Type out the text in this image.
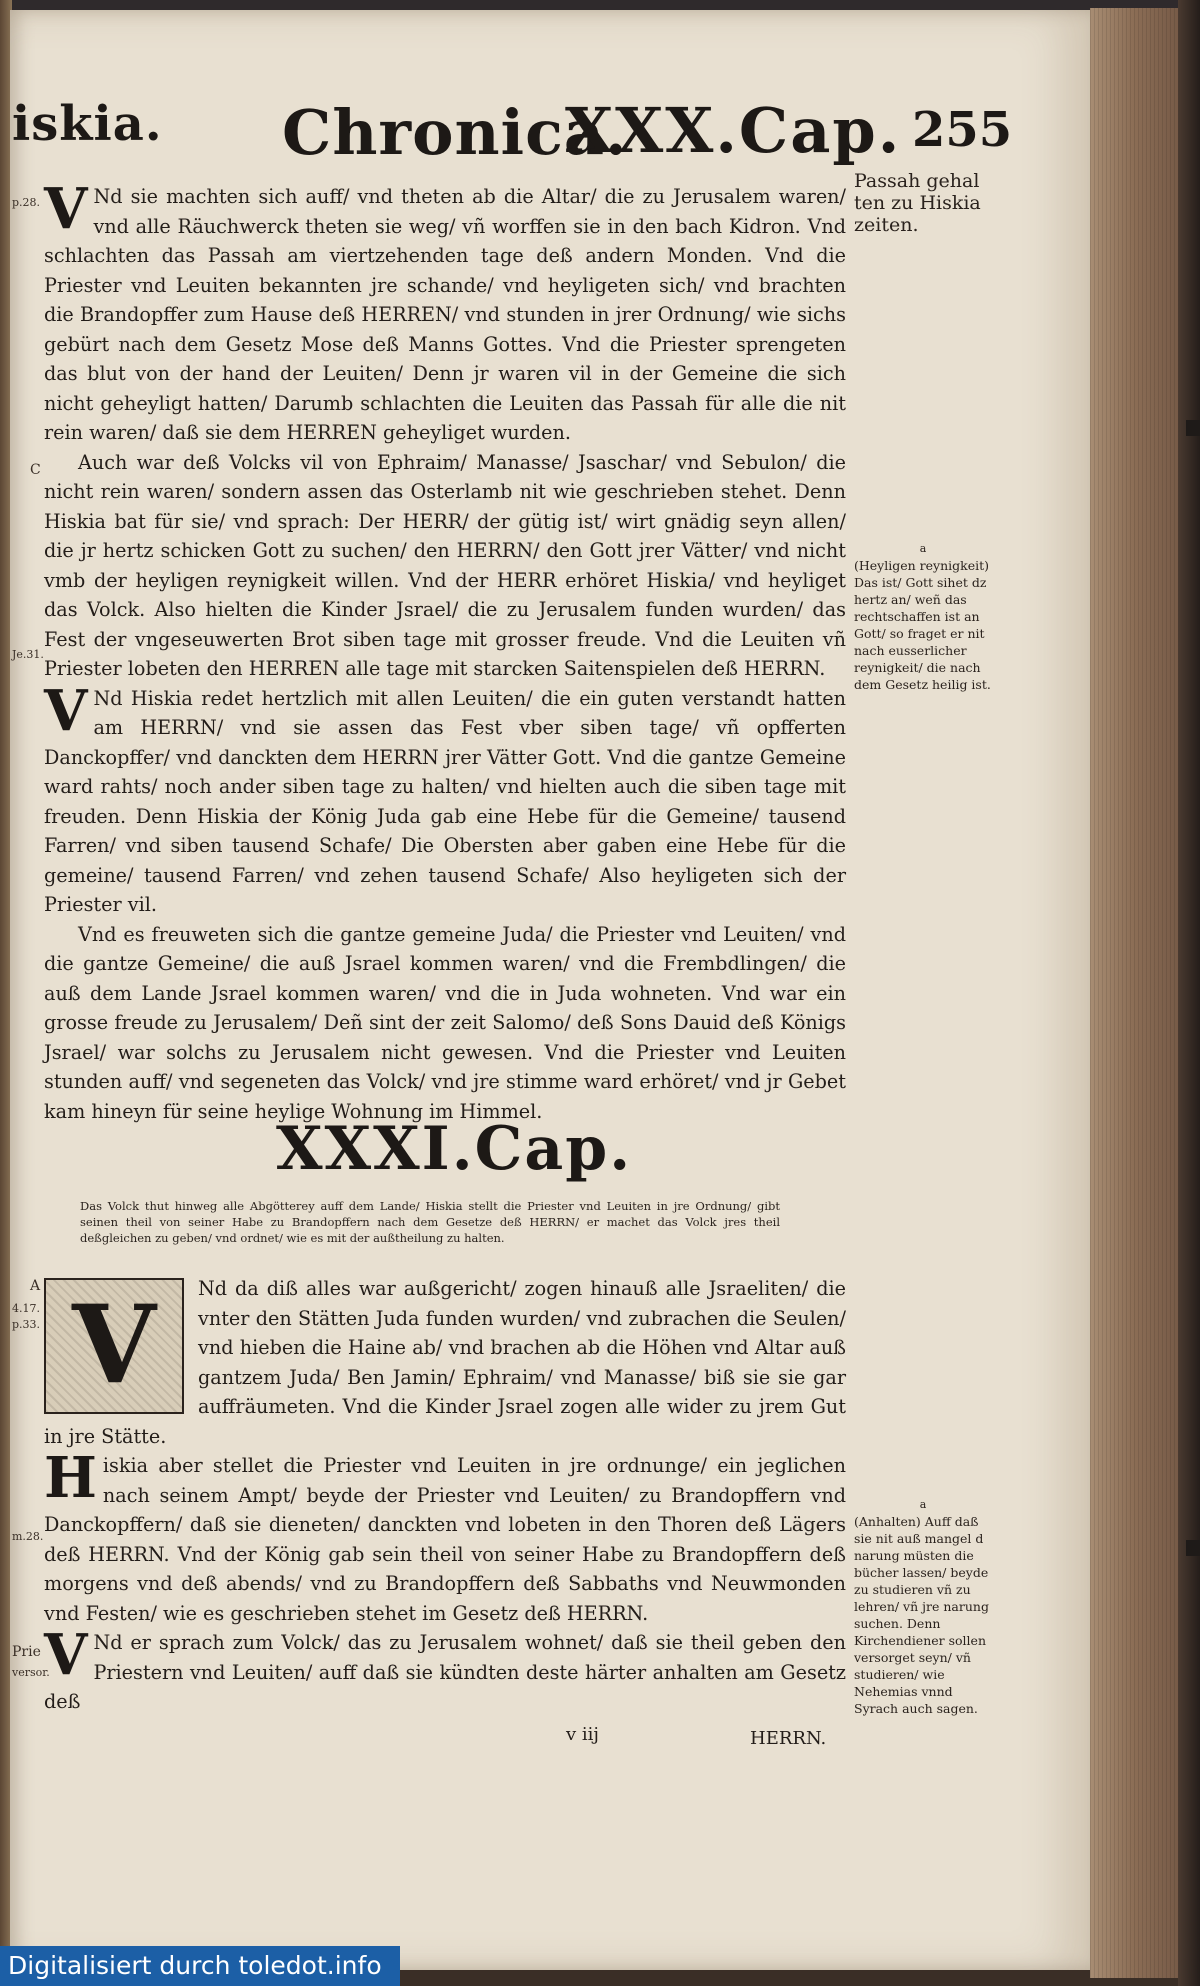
iskia. Chronica.
XXX.Cap. 255

V Nd sie machten sich auff/ vnd theten ab die Altar/ die zu Jerusalem waren/ vnd alle Räuchwerck theten sie weg/ vñ worffen sie in den bach Kidron. Vnd schlachten das Passah am viertzehenden tage deß andern Monden. Vnd die Priester vnd Leuiten bekannten jre schande/ vnd heyligeten sich/ vnd brachten die Brandopffer zum Hause deß HERREN/ vnd stunden in jrer Ordnung/ wie sichs gebürt nach dem Gesetz Mose deß Manns Gottes. Vnd die Priester sprengeten das blut von der hand der Leuiten/ Denn jr waren vil in der Gemeine die sich nicht geheyligt hatten/ Darumb schlachten die Leuiten das Passah für alle die nit rein waren/ daß sie dem HERREN geheyliget wurden.

Auch war deß Volcks vil von Ephraim/ Manasse/ Jsaschar/ vnd Sebulon/ die nicht rein waren/ sondern assen das Osterlamb nit wie geschrieben stehet. Denn Hiskia bat für sie/ vnd sprach: Der HERR/ der gütig ist/ wirt gnädig seyn allen/ die jr hertz schicken Gott zu suchen/ den HERRN/ den Gott jrer Vätter/ vnd nicht vmb der heyligen reynigkeit willen. Vnd der HERR erhöret Hiskia/ vnd heyliget das Volck. Also hielten die Kinder Jsrael/ die zu Jerusalem funden wurden/ das Fest der vngeseuwerten Brot siben tage mit grosser freude. Vnd die Leuiten vñ Priester lobeten den HERREN alle tage mit starcken Saitenspielen deß HERRN.

V Nd Hiskia redet hertzlich mit allen Leuiten/ die ein guten verstandt hatten am HERRN/ vnd sie assen das Fest vber siben tage/ vñ opfferten Danckopffer/ vnd danckten dem HERRN jrer Vätter Gott. Vnd die gantze Gemeine ward rahts/ noch ander siben tage zu halten/ vnd hielten auch die siben tage mit freuden. Denn Hiskia der König Juda gab eine Hebe für die Gemeine/ tausend Farren/ vnd siben tausend Schafe/ Die Obersten aber gaben eine Hebe für die gemeine/ tausend Farren/ vnd zehen tausend Schafe/ Also heyligeten sich der Priester vil.

Vnd es freuweten sich die gantze gemeine Juda/ die Priester vnd Leuiten/ vnd die gantze Gemeine/ die auß Jsrael kommen waren/ vnd die Frembdlingen/ die auß dem Lande Jsrael kommen waren/ vnd die in Juda wohneten. Vnd war ein grosse freude zu Jerusalem/ Deñ sint der zeit Salomo/ deß Sons Dauid deß Königs Jsrael/ war solchs zu Jerusalem nicht gewesen. Vnd die Priester vnd Leuiten stunden auff/ vnd segeneten das Volck/ vnd jre stimme ward erhöret/ vnd jr Gebet kam hineyn für seine heylige Wohnung im Himmel.

XXXI.Cap.
Das Volck thut hinweg alle Abgötterey auff dem Lande/ Hiskia stellt die Priester vnd Leuiten in jre Ordnung/ gibt seinen theil von seiner Habe zu Brandopffern nach dem Gesetze deß HERRN/ er machet das Volck jres theil deßgleichen zu geben/ vnd ordnet/ wie es mit der außtheilung zu halten.

V	Nd da diß alles war außgericht/ zogen hinauß alle Jsraeliten/ die vnter den Stätten Juda funden wurden/ vnd zubrachen die Seulen/ vnd hieben die Haine ab/ vnd brachen ab die Höhen vnd Altar auß gantzem Juda/ Ben Jamin/ Ephraim/ vnd Manasse/ biß sie sie gar auffräumeten. Vnd die Kinder Jsrael zogen alle wider zu jrem Gut in jre Stätte.

Hiskia aber stellet die Priester vnd Leuiten in jre ordnunge/ ein jeglichen nach seinem Ampt/ beyde der Priester vnd Leuiten/ zu Brandopffern vnd Danckopffern/ daß sie dieneten/ danckten vnd lobeten in den Thoren deß Lägers deß HERRN. Vnd der König gab sein theil von seiner Habe zu Brandopffern deß morgens vnd deß abends/ vnd zu Brandopffern deß Sabbaths vnd Neuwmonden vnd Festen/ wie es geschrieben stehet im Gesetz deß HERRN.

V Nd er sprach zum Volck/ das zu Jerusalem wohnet/ daß sie theil geben den Priestern vnd Leuiten/ auff daß sie kündten deste härter anhalten am Gesetz deß

v iij	HERRN.
Passah gehal ten zu Hiskia zeiten.
a
(Heyligen reynigkeit) Das ist/ Gott sihet dz hertz an/ weñ das rechtschaffen ist an Gott/ so fraget er nit nach eusserlicher reynigkeit/ die nach dem Gesetz heilig ist.
a
(Anhalten) Auff daß sie nit auß mangel d narung müsten die bücher lassen/ beyde zu studieren vñ zu lehren/ vñ jre narung suchen. Denn Kirchendiener sollen versorget seyn/ vñ studieren/ wie Nehemias vnnd Syrach auch sagen.
p.28.
C
Je.31.
A
4.17.
p.33.
m.28.
Prie
versor.
Digitalisiert durch toledot.info
